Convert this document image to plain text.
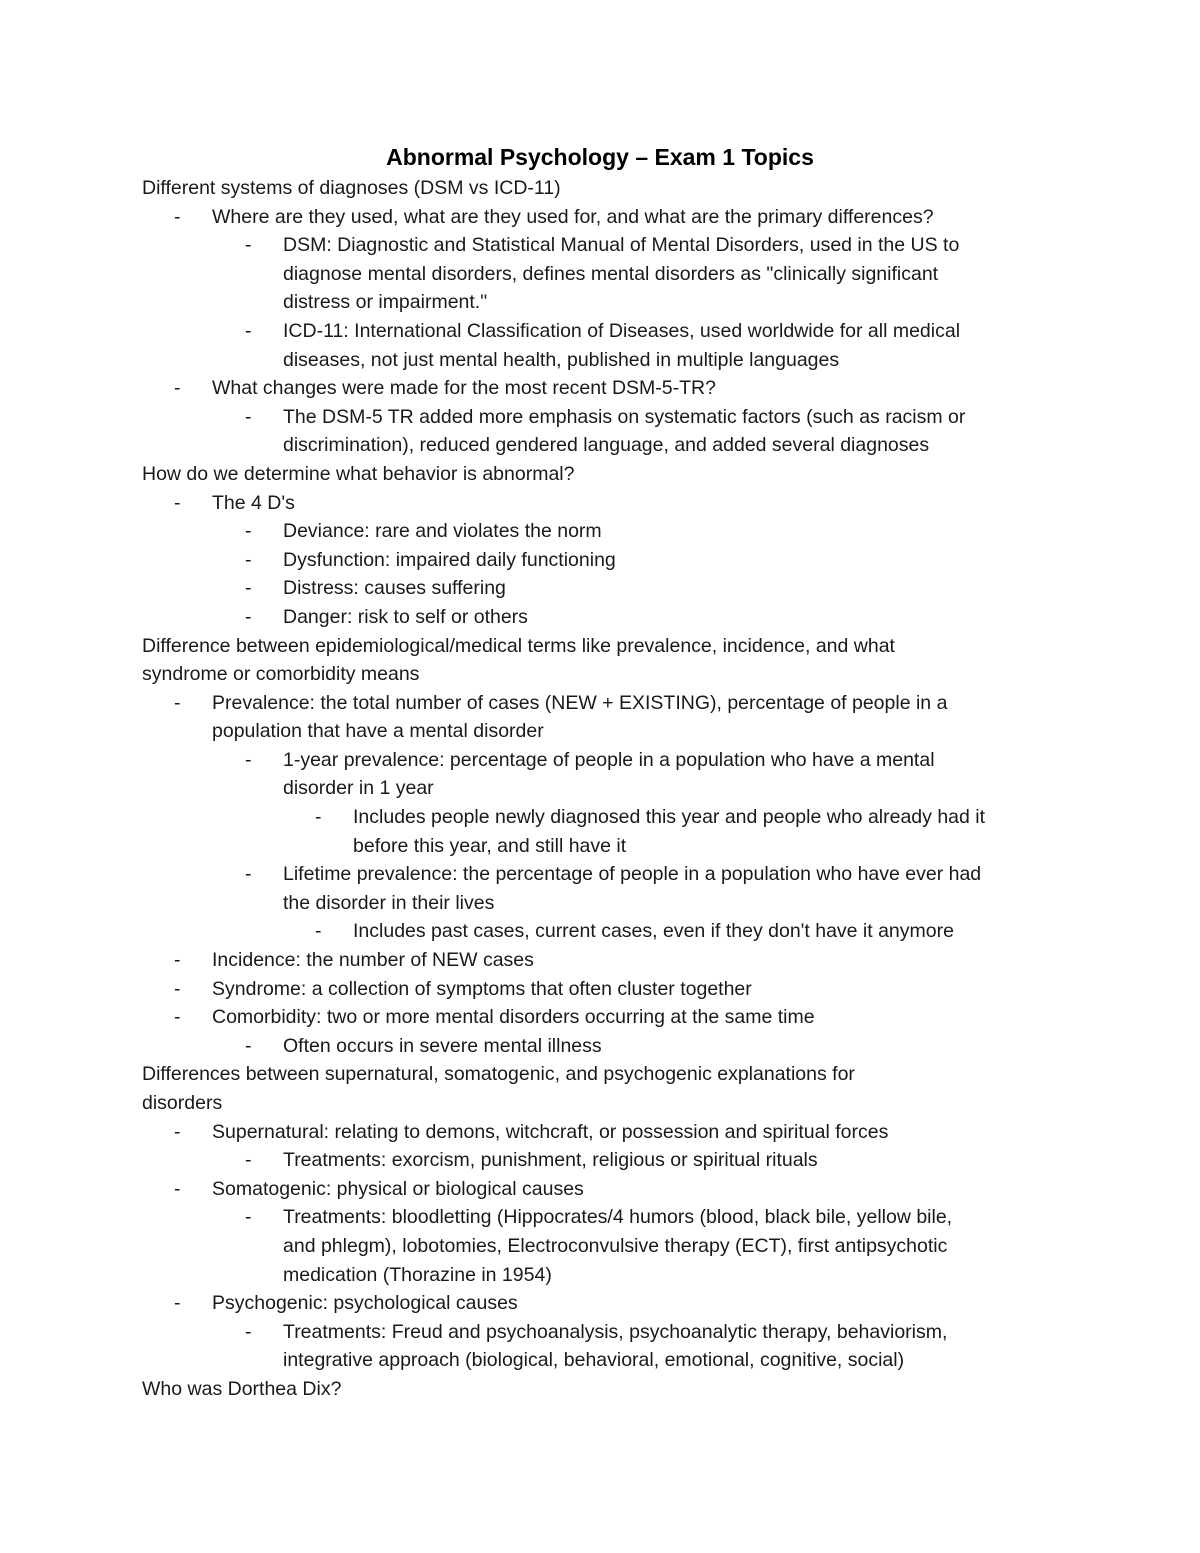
Abnormal Psychology – Exam 1 Topics
Different systems of diagnoses (DSM vs ICD-11)
- Where are they used, what are they used for, and what are the primary differences?
- DSM: Diagnostic and Statistical Manual of Mental Disorders, used in the US to
diagnose mental disorders, defines mental disorders as "clinically significant
distress or impairment."
- ICD-11: International Classification of Diseases, used worldwide for all medical
diseases, not just mental health, published in multiple languages
- What changes were made for the most recent DSM-5-TR?
- The DSM-5 TR added more emphasis on systematic factors (such as racism or
discrimination), reduced gendered language, and added several diagnoses
How do we determine what behavior is abnormal?
- The 4 D's
- Deviance: rare and violates the norm
- Dysfunction: impaired daily functioning
- Distress: causes suffering
- Danger: risk to self or others
Difference between epidemiological/medical terms like prevalence, incidence, and what
syndrome or comorbidity means
- Prevalence: the total number of cases (NEW + EXISTING), percentage of people in a
population that have a mental disorder
- 1-year prevalence: percentage of people in a population who have a mental
disorder in 1 year
- Includes people newly diagnosed this year and people who already had it
before this year, and still have it
- Lifetime prevalence: the percentage of people in a population who have ever had
the disorder in their lives
- Includes past cases, current cases, even if they don't have it anymore
- Incidence: the number of NEW cases
- Syndrome: a collection of symptoms that often cluster together
- Comorbidity: two or more mental disorders occurring at the same time
- Often occurs in severe mental illness
Differences between supernatural, somatogenic, and psychogenic explanations for
disorders
- Supernatural: relating to demons, witchcraft, or possession and spiritual forces
- Treatments: exorcism, punishment, religious or spiritual rituals
- Somatogenic: physical or biological causes
- Treatments: bloodletting (Hippocrates/4 humors (blood, black bile, yellow bile,
and phlegm), lobotomies, Electroconvulsive therapy (ECT), first antipsychotic
medication (Thorazine in 1954)
- Psychogenic: psychological causes
- Treatments: Freud and psychoanalysis, psychoanalytic therapy, behaviorism,
integrative approach (biological, behavioral, emotional, cognitive, social)
Who was Dorthea Dix?
